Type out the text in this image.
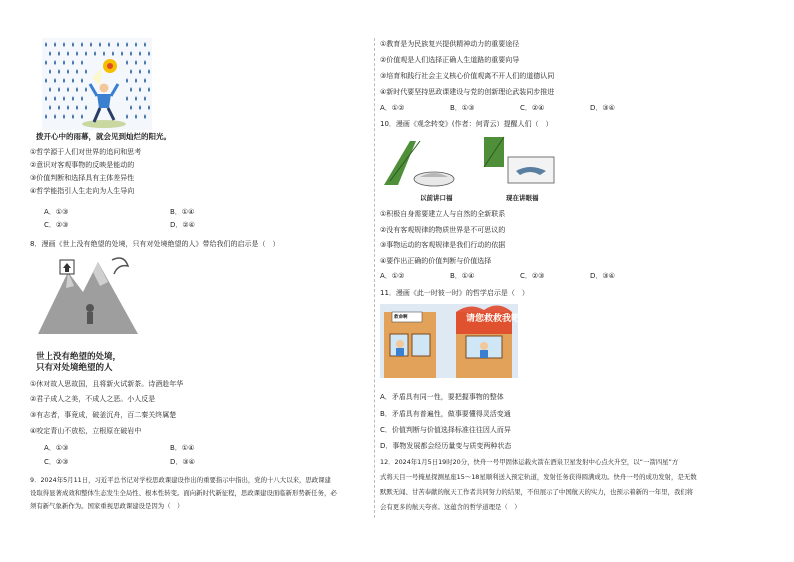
拨开心中的雨幕，就会见到灿烂的阳光。
①哲学源于人们对世界的追问和思考
②意识对客观事物的反映是能动的
③价值判断和选择具有主体差异性
④哲学能指引人生走向为人生导向
A．①③	B．①④
C．②③	D．②④
8．漫画《世上没有绝望的处境，只有对处境绝望的人》带给我们的启示是（　）
世上没有绝望的处境，
只有对处境绝望的人
①休对故人思故国，且将新火试新茶。诗酒趁年华
②君子成人之美，不成人之恶。小人反是
③有志者，事竟成，破釜沉舟，百二秦关终属楚
④咬定青山不放松，立根原在破岩中
A．①③	B．①④
C．②③	D．③④
9．2024年5月11日，习近平总书记对学校思政课建设作出的重要指示中指出，党的十八大以来，思政课建
设取得显著成效和整体生态发生全局性、根本性转变。面向新时代新征程，思政课建设面临新形势新任务，必
须有新气象新作为。国家重视思政课建设是因为（　）
①教育是为民族复兴提供精神动力的重要途径
②价值观是人们选择正确人生道路的重要向导
③培育和践行社会主义核心价值观离不开人们的道德认同
④新时代要坚持思政课建设与党的创新理论武装同步推进
A．①②	B．①③	C．②④	D．③④
10．漫画《观念转变》(作者：何青云）提醒人们（　）
以前讲口福	现在讲眼福
①积极自身需要建立人与自然的全新联系
②没有客观规律的物质世界是不可思议的
③事物运动的客观规律是我们行动的依据
④要作出正确的价值判断与价值选择
A．①②	B．①④	C．②③	D．③④
11．漫画《此一时彼一时》的哲学启示是（　）
请您救救我吧
救命啊
A．矛盾具有同一性，要把握事物的整体
B．矛盾具有普遍性，做事要懂得灵活变通
C．价值判断与价值选择标准往往因人而异
D．事物发展都会经历量变与质变两种状态
12．2024年1月5日19时20分，快舟一号甲固体运载火箭在酒泉卫星发射中心点火升空，以“一箭四星”方
式将天目一号掩星探测星座15～18星顺利送入预定轨道，发射任务获得圆满成功。快舟一号的成功发射，是无数
默默无闻、甘苦奉献的航天工作者共同努力的结果，不但展示了中国航天的实力，也预示着新的一年里，我们将
会有更多的航天夸喜。这蕴含的哲学道理是（　）
